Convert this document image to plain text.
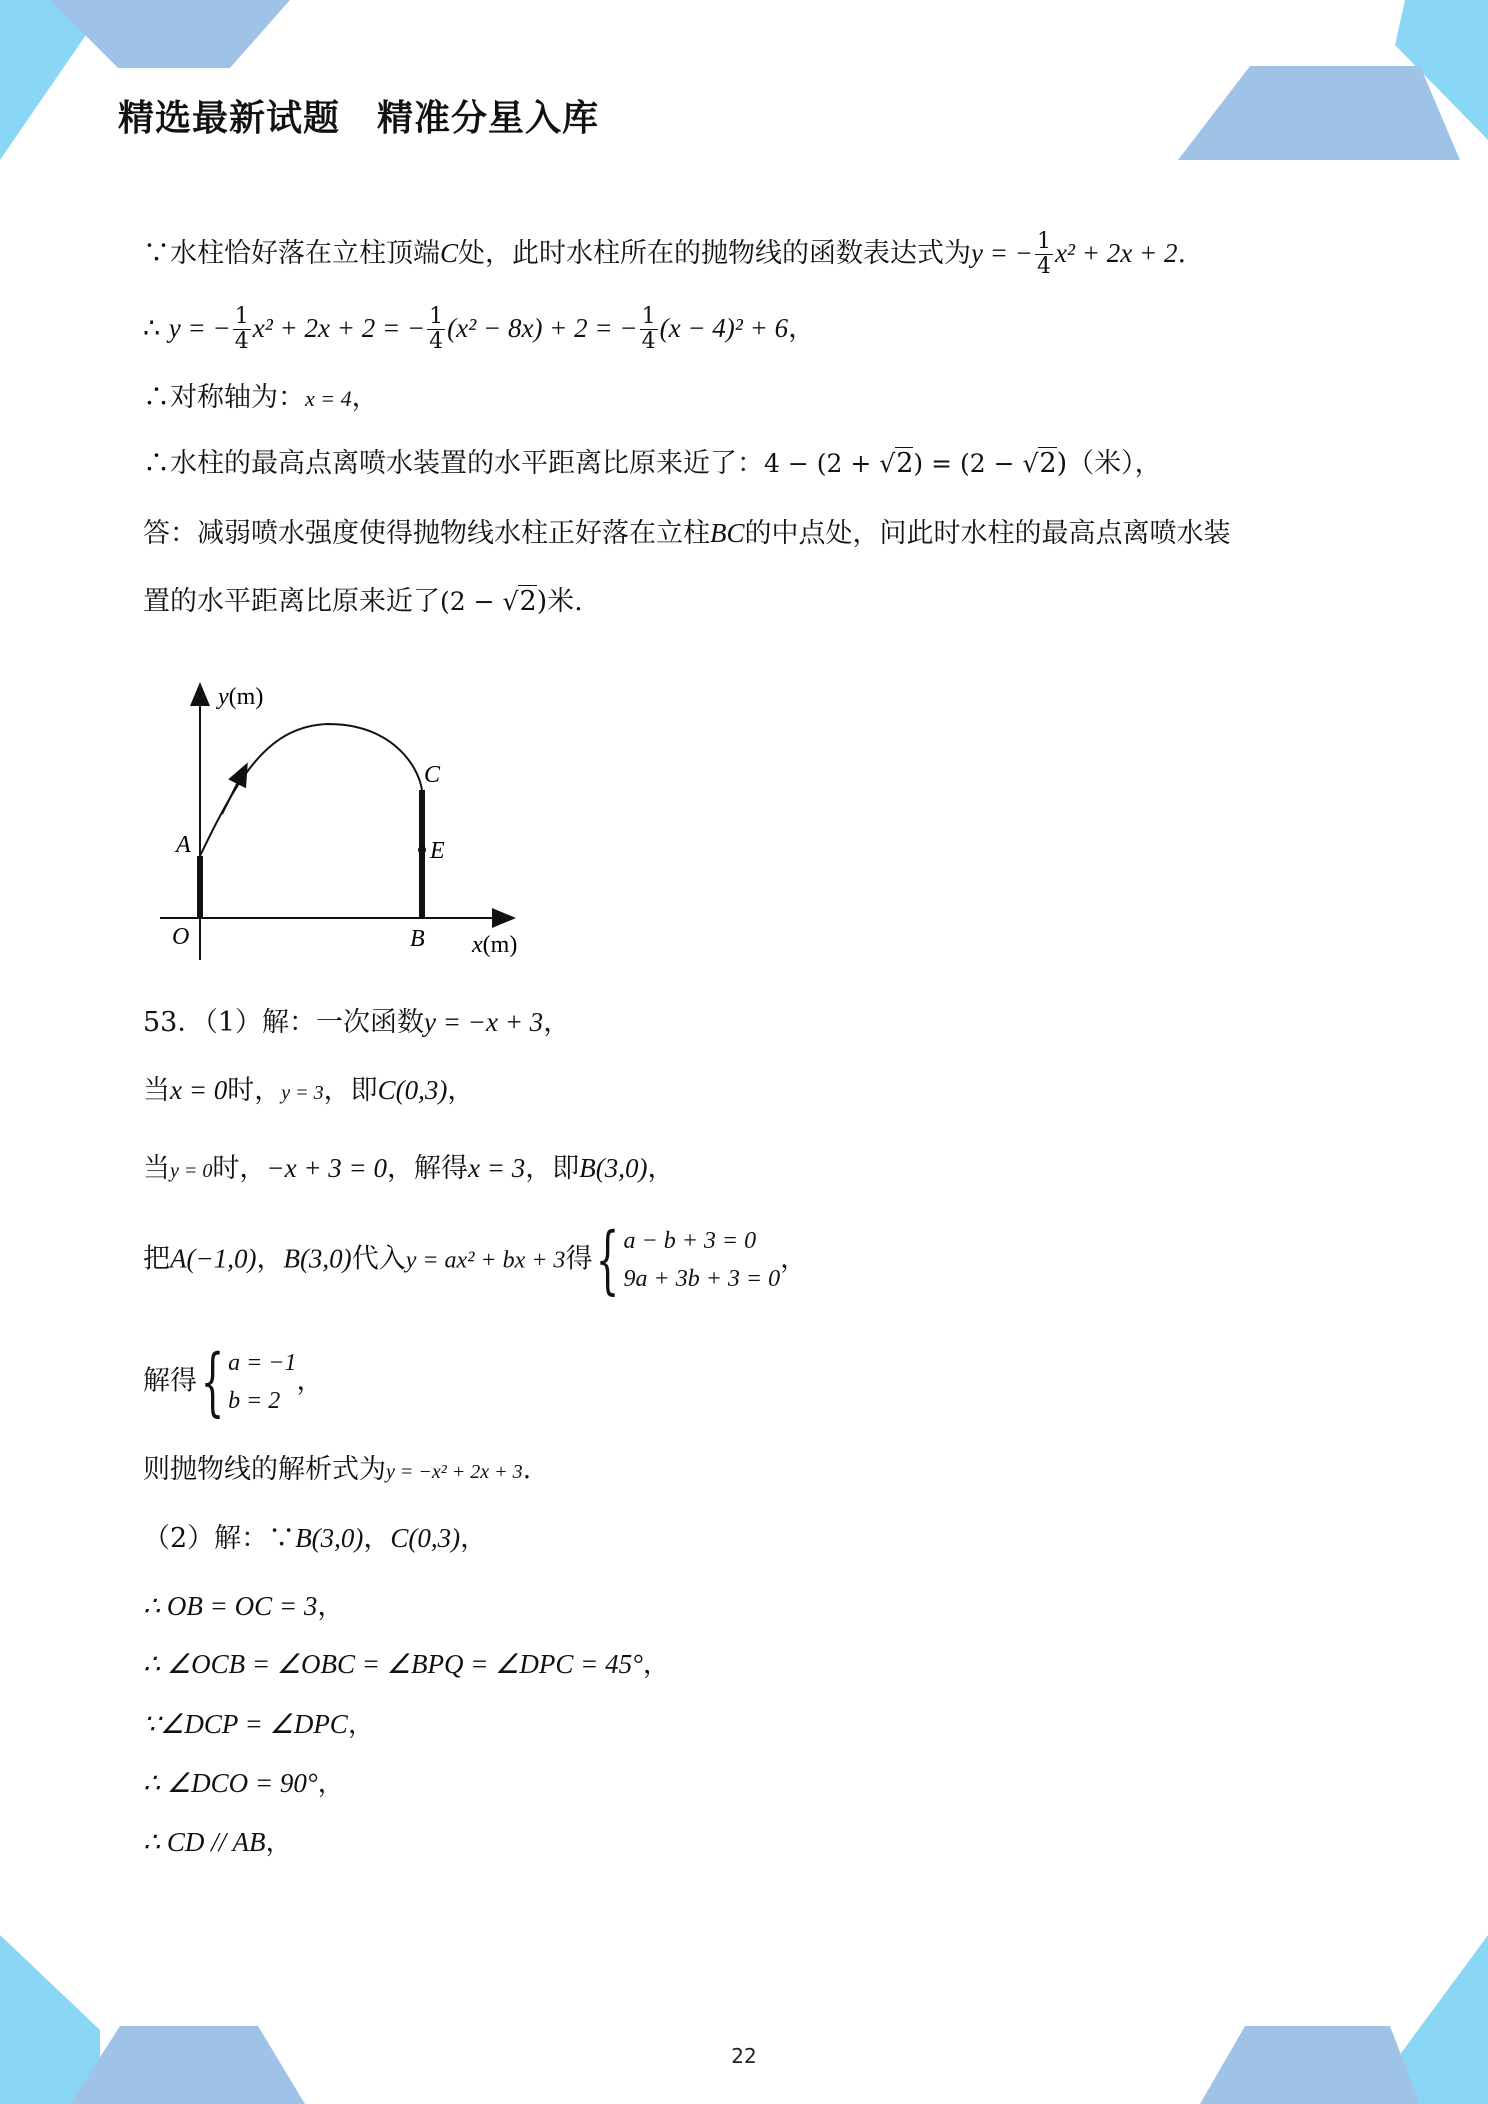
精选最新试题　精准分星入库
∵水柱恰好落在立柱顶端C处，此时水柱所在的抛物线的函数表达式为y = − $\frac{1}{4} x^2 + 2x + 2$.
∴ y = − $\frac{1}{4} x^2 + 2x + 2$ = − $\frac{1}{4} (x^2 - 8x) + 2$ = − $\frac{1}{4} (x - 4)^2 + 6$，
∴对称轴为：x = 4，
∴水柱的最高点离喷水装置的水平距离比原来近了：4 − (2 + √2) = (2 − √2)（米），
答：减弱喷水强度使得抛物线水柱正好落在立柱BC的中点处，问此时水柱的最高点离喷水装
置的水平距离比原来近了(2 − √2)米.
y(m)
x(m)
O
A
B
C
E
53．（1）解：一次函数y = −x + 3，
当x = 0时，y = 3，即C(0,3)，
当y = 0时，−x + 3 = 0，解得x = 3，即B(3,0)，
把A(−1,0)，B(3,0)代入y = ax² + bx + 3得 { a − b + 3 = 0
9a + 3b + 3 = 0
，
解得 { a = −1
b = 2
，
则抛物线的解析式为y = −x² + 2x + 3.
（2）解：∵B(3,0)，C(0,3)，
∴ OB = OC = 3，
∴ ∠OCB = ∠OBC = ∠BPQ = ∠DPC = 45°，
∵∠DCP = ∠DPC，
∴ ∠DCO = 90°，
∴ CD // AB，
22
